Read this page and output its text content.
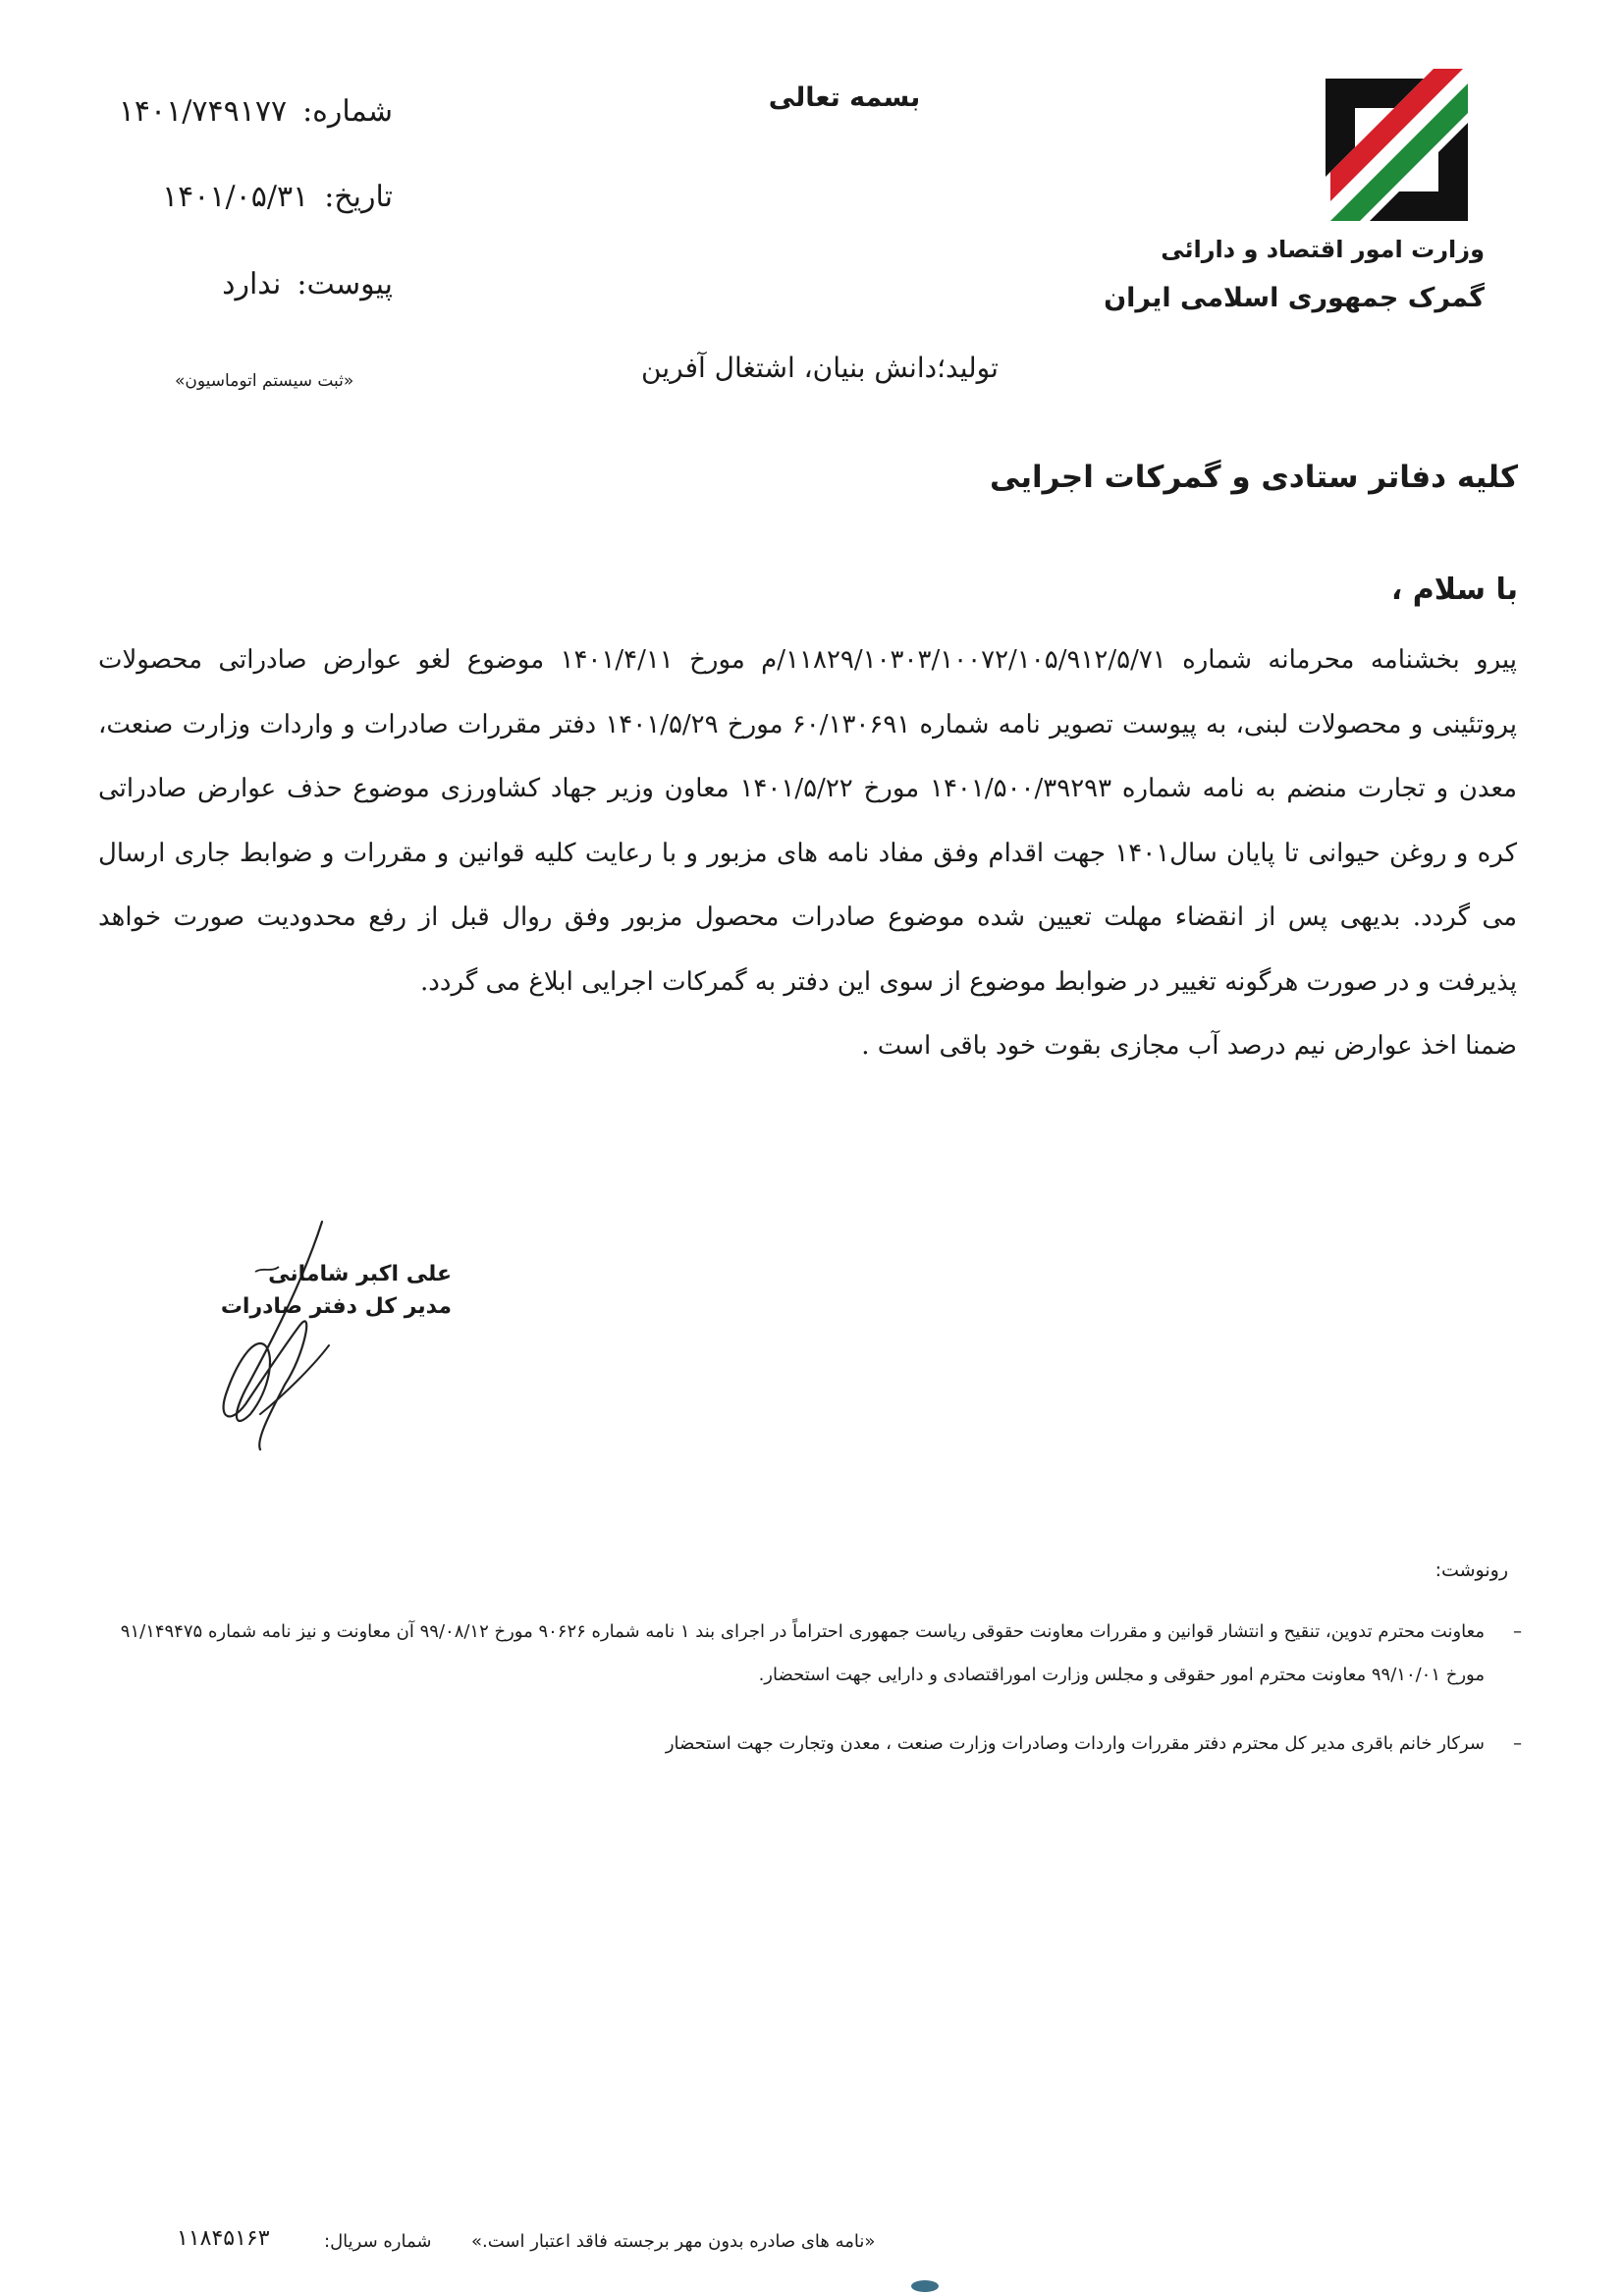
وزارت امور اقتصاد و دارائی
گمرک جمهوری اسلامی ایران
بسمه تعالی
شماره:
۱۴۰۱/۷۴۹۱۷۷
تاریخ:
۱۴۰۱/۰۵/۳۱
پیوست:
ندارد
«ثبت سیستم اتوماسیون»	تولید؛دانش بنیان، اشتغال آفرین
کلیه دفاتر ستادی و گمرکات اجرایی
با سلام ،
پیرو بخشنامه محرمانه شماره ۱۱۸۲۹/۱۰۳۰۳/۱۰۰۷۲/۱۰۵/۹۱۲/۵/۷۱/م مورخ ۱۴۰۱/۴/۱۱ موضوع لغو عوارض صادراتی محصولات پروتئینی و محصولات لبنی، به پیوست تصویر نامه شماره ۶۰/۱۳۰۶۹۱ مورخ ۱۴۰۱/۵/۲۹ دفتر مقررات صادرات و واردات وزارت صنعت، معدن و تجارت منضم به نامه شماره ۱۴۰۱/۵۰۰/۳۹۲۹۳ مورخ ۱۴۰۱/۵/۲۲ معاون وزیر جهاد کشاورزی موضوع حذف عوارض صادراتی کره و روغن حیوانی تا پایان سال۱۴۰۱ جهت اقدام وفق مفاد نامه های مزبور و با رعایت کلیه قوانین و مقررات و ضوابط جاری ارسال می گردد. بدیهی پس از انقضاء مهلت تعیین شده موضوع صادرات محصول مزبور وفق روال قبل از رفع محدودیت صورت خواهد پذیرفت و در صورت هرگونه تغییر در ضوابط موضوع از سوی این دفتر به گمرکات اجرایی ابلاغ می گردد.
ضمنا اخذ عوارض نیم درصد آب مجازی بقوت خود باقی است .
علی اکبر شامانی
مدیر کل دفتر صادرات
رونوشت:
–
معاونت محترم تدوین، تنقیح و انتشار قوانین و مقررات معاونت حقوقی ریاست جمهوری احتراماً در اجرای بند ۱ نامه شماره ۹۰۶۲۶ مورخ ۹۹/۰۸/۱۲ آن معاونت و نیز نامه شماره ۹۱/۱۴۹۴۷۵ مورخ ۹۹/۱۰/۰۱ معاونت محترم امور حقوقی و مجلس وزارت اموراقتصادی و دارایی جهت استحضار.
–
سرکار خانم باقری مدیر کل محترم دفتر مقررات واردات وصادرات وزارت صنعت ، معدن وتجارت جهت استحضار
۱۱۸۴۵۱۶۳	شماره سریال: «نامه های صادره بدون مهر برجسته فاقد اعتبار است.»
